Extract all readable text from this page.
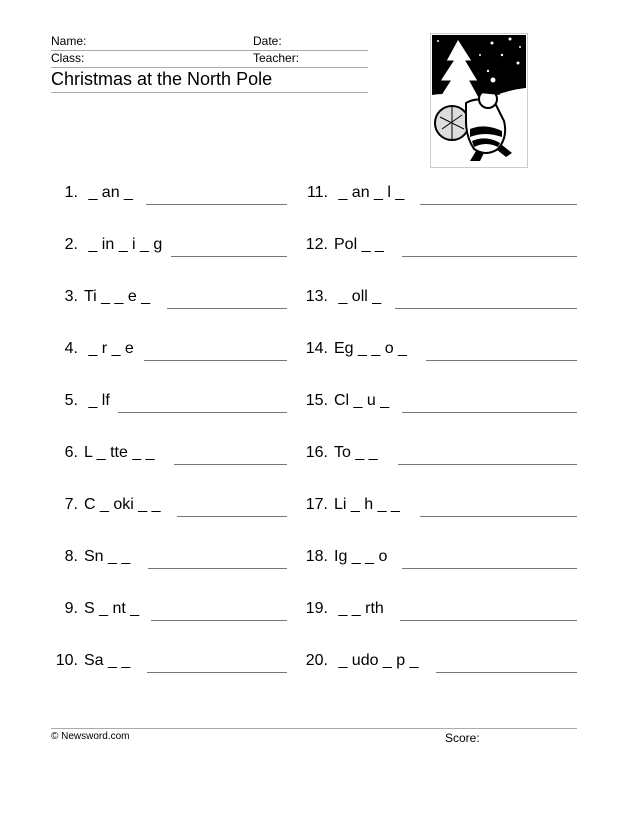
Name:	Date:
Class:	Teacher:
Christmas at the North Pole
1. _ an _
2. _ in _ i _ g
3. Ti _ _ e _
4. _ r _ e
5. _ lf
6. L _ tte _ _
7. C _ oki _ _
8. Sn _ _
9. S _ nt _
10. Sa _ _
11. _ an _ l _
12. Pol _ _
13. _ oll _
14. Eg _ _ o _
15. Cl _ u _
16. To _ _
17. Li _ h _ _
18. Ig _ _ o
19. _ _ rth
20. _ udo _ p _
© Newsword.com	Score:
